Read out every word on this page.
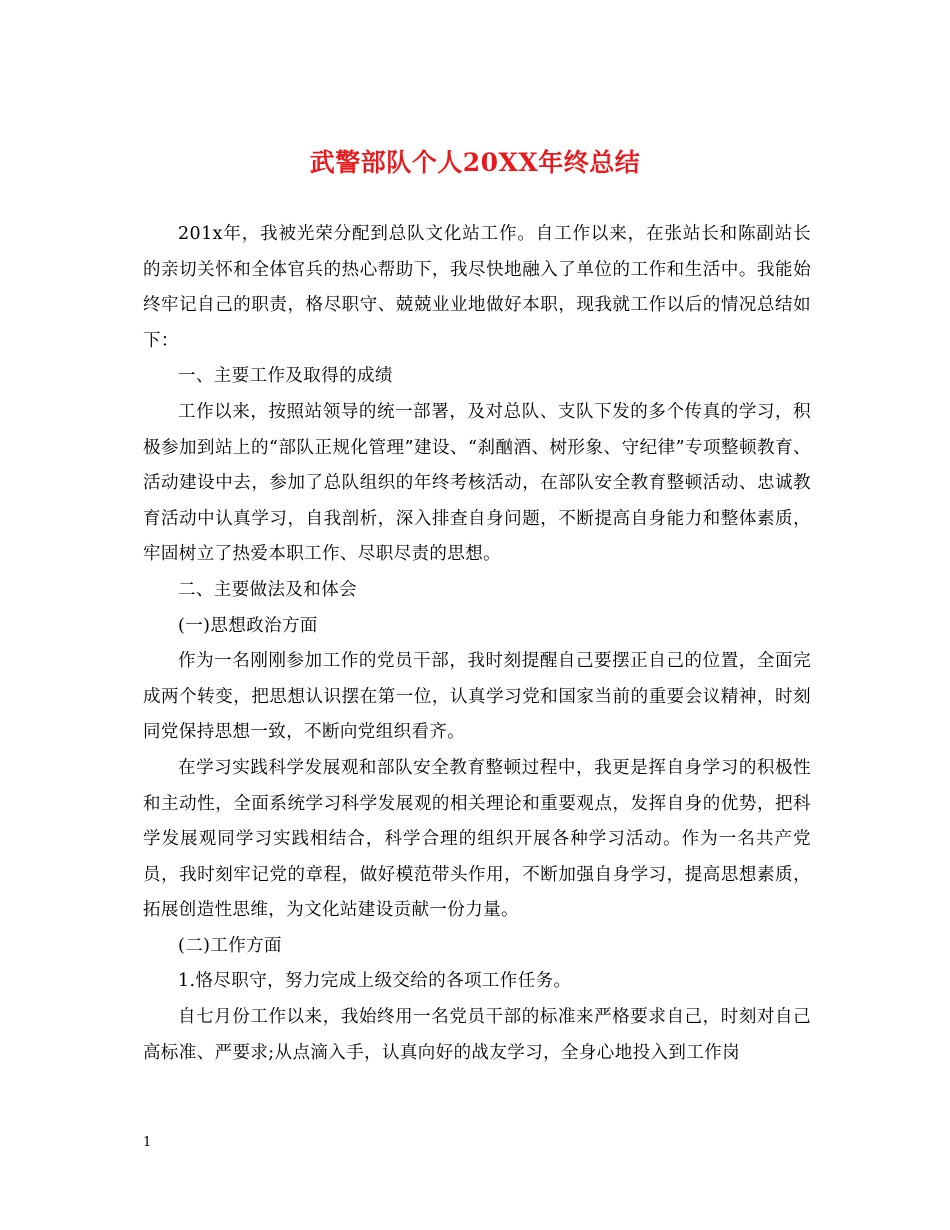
武警部队个人20XX年终总结

201x年，我被光荣分配到总队文化站工作。自工作以来，在张站长和陈副站长的亲切关怀和全体官兵的热心帮助下，我尽快地融入了单位的工作和生活中。我能始终牢记自己的职责，格尽职守、兢兢业业地做好本职，现我就工作以后的情况总结如下：

一、主要工作及取得的成绩

工作以来，按照站领导的统一部署，及对总队、支队下发的多个传真的学习，积极参加到站上的“部队正规化管理”建设、“刹酗酒、树形象、守纪律”专项整顿教育、活动建设中去，参加了总队组织的年终考核活动，在部队安全教育整顿活动、忠诚教育活动中认真学习，自我剖析，深入排查自身问题，不断提高自身能力和整体素质，牢固树立了热爱本职工作、尽职尽责的思想。

二、主要做法及和体会

(一)思想政治方面

作为一名刚刚参加工作的党员干部，我时刻提醒自己要摆正自己的位置，全面完成两个转变，把思想认识摆在第一位，认真学习党和国家当前的重要会议精神，时刻同党保持思想一致，不断向党组织看齐。

在学习实践科学发展观和部队安全教育整顿过程中，我更是挥自身学习的积极性和主动性，全面系统学习科学发展观的相关理论和重要观点，发挥自身的优势，把科学发展观同学习实践相结合，科学合理的组织开展各种学习活动。作为一名共产党员，我时刻牢记党的章程，做好模范带头作用，不断加强自身学习，提高思想素质，拓展创造性思维，为文化站建设贡献一份力量。

(二)工作方面

1.恪尽职守，努力完成上级交给的各项工作任务。

自七月份工作以来，我始终用一名党员干部的标准来严格要求自己，时刻对自己高标准、严要求;从点滴入手，认真向好的战友学习，全身心地投入到工作岗

1
